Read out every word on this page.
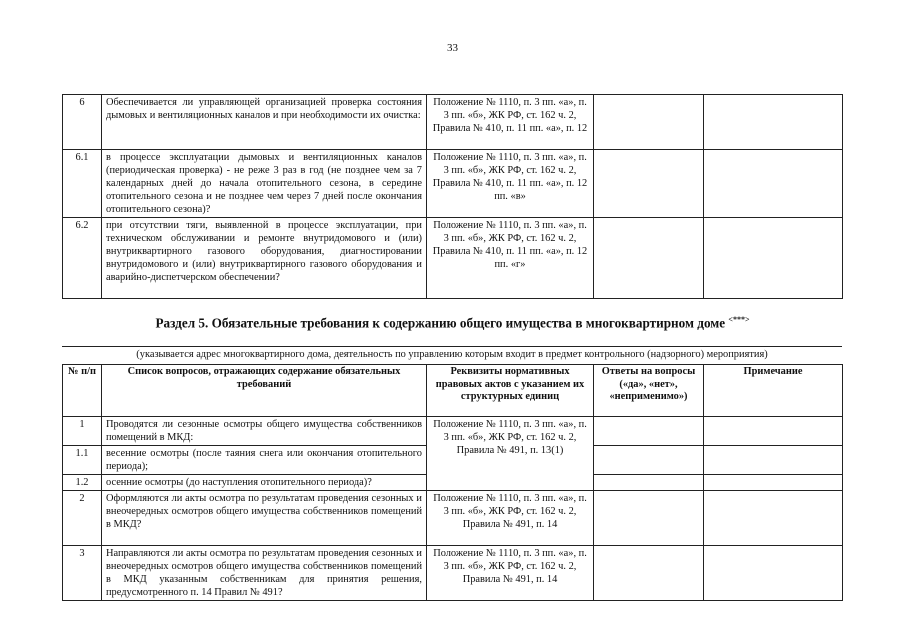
33
6	Обеспечивается ли управляющей организацией проверка состояния дымовых и вентиляционных каналов и при необходимости их очистка:	Положение № 1110, п. 3 пп. «а», п. 3 пп. «б», ЖК РФ, ст. 162 ч. 2, Правила № 410, п. 11 пп. «а», п. 12		
6.1	в процессе эксплуатации дымовых и вентиляционных каналов (периодическая проверка) - не реже 3 раз в год (не позднее чем за 7 календарных дней до начала отопительного сезона, в середине отопительного сезона и не позднее чем через 7 дней после окончания отопительного сезона)?	Положение № 1110, п. 3 пп. «а», п. 3 пп. «б», ЖК РФ, ст. 162 ч. 2, Правила № 410, п. 11 пп. «а», п. 12 пп. «в»		
6.2	при отсутствии тяги, выявленной в процессе эксплуатации, при техническом обслуживании и ремонте внутридомового и (или) внутриквартирного газового оборудования, диагностировании внутридомового и (или) внутриквартирного газового оборудования и аварийно-диспетчерском обеспечении?	Положение № 1110, п. 3 пп. «а», п. 3 пп. «б», ЖК РФ, ст. 162 ч. 2, Правила № 410, п. 11 пп. «а», п. 12 пп. «г»		
Раздел 5. Обязательные требования к содержанию общего имущества в многоквартирном доме <***>
(указывается адрес многоквартирного дома, деятельность по управлению которым входит в предмет контрольного (надзорного) мероприятия)
№ п/п	Список вопросов, отражающих содержание обязательных требований	Реквизиты нормативных правовых актов с указанием их структурных единиц	Ответы на вопросы («да», «нет», «неприменимо»)	Примечание
1	Проводятся ли сезонные осмотры общего имущества собственников помещений в МКД:	Положение № 1110, п. 3 пп. «а», п. 3 пп. «б», ЖК РФ, ст. 162 ч. 2, Правила № 491, п. 13(1)		
1.1	весенние осмотры (после таяния снега или окончания отопительного периода);			
1.2	осенние осмотры (до наступления отопительного периода)?			
2	Оформляются ли акты осмотра по результатам проведения сезонных и внеочередных осмотров общего имущества собственников помещений в МКД?	Положение № 1110, п. 3 пп. «а», п. 3 пп. «б», ЖК РФ, ст. 162 ч. 2, Правила № 491, п. 14		
3	Направляются ли акты осмотра по результатам проведения сезонных и внеочередных осмотров общего имущества собственников помещений в МКД указанным собственникам для принятия решения, предусмотренного п. 14 Правил № 491?	Положение № 1110, п. 3 пп. «а», п. 3 пп. «б», ЖК РФ, ст. 162 ч. 2, Правила № 491, п. 14		
